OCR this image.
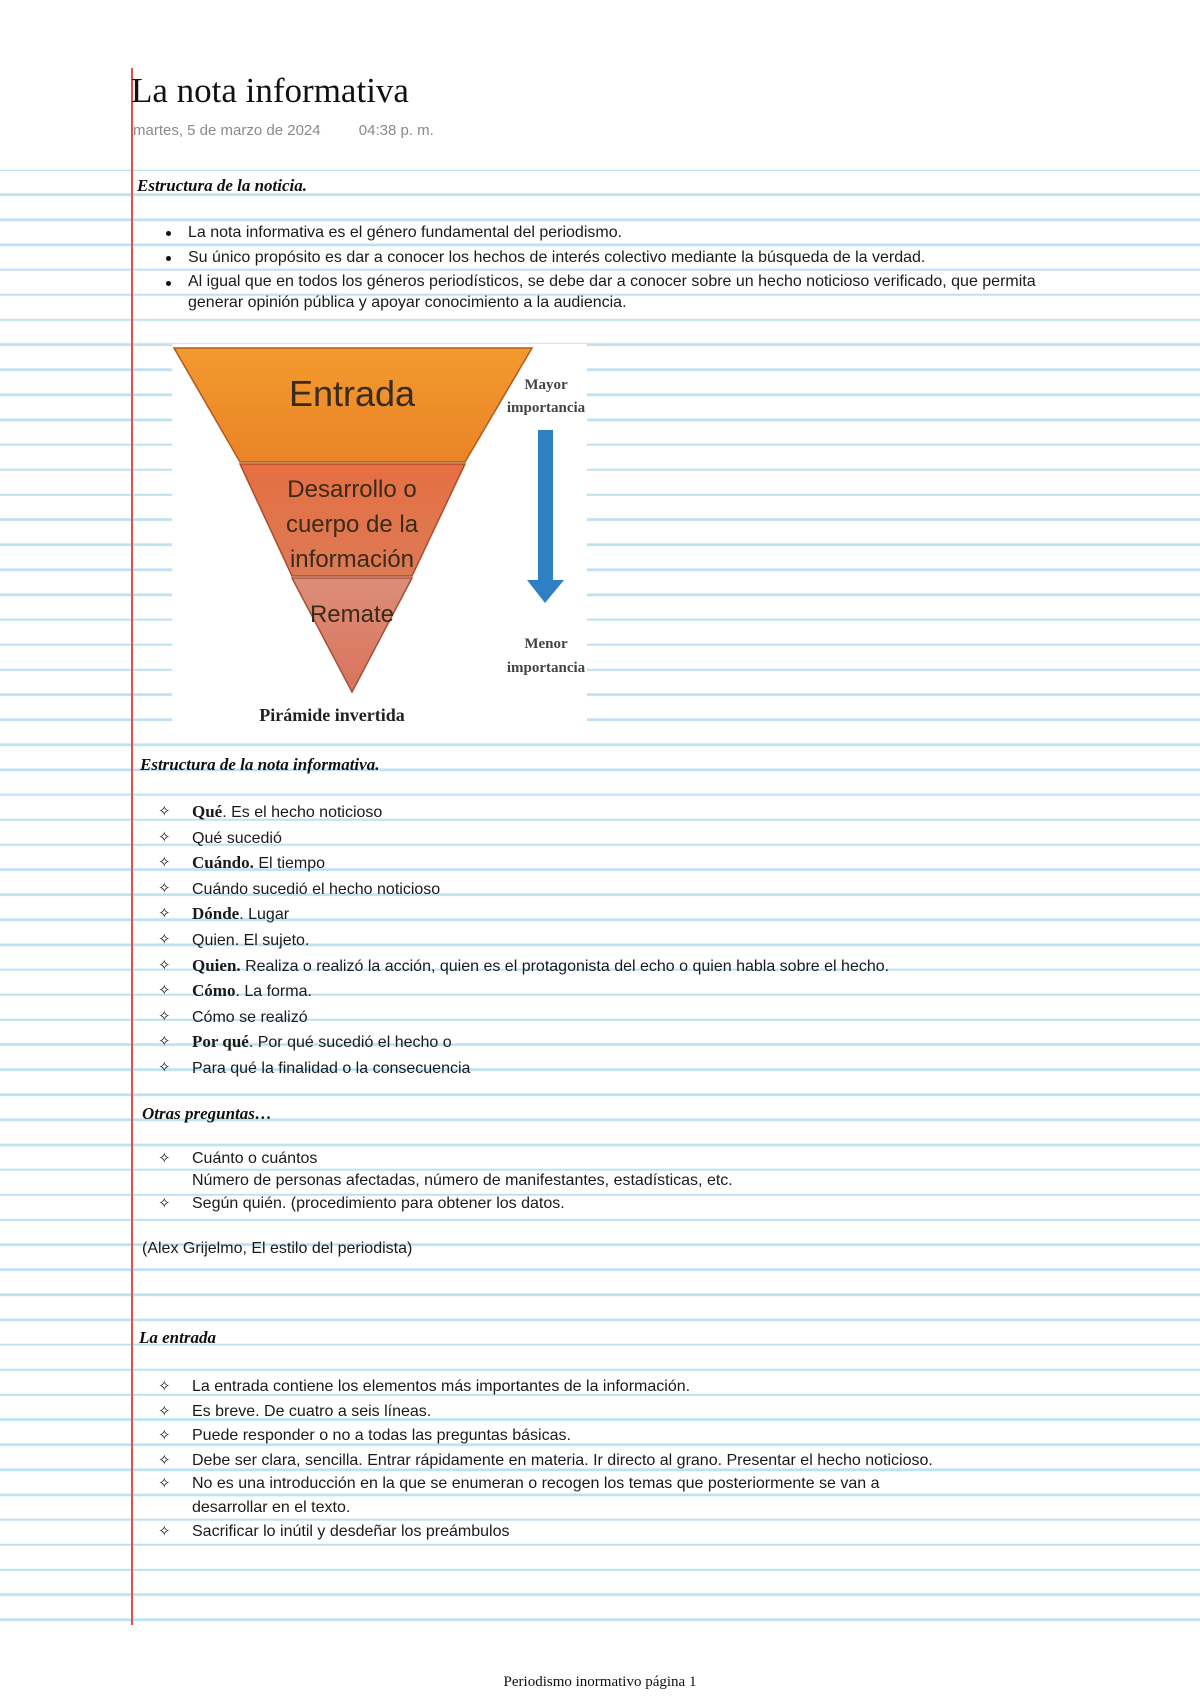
La nota informativa
martes, 5 de marzo de 2024	04:38 p. m.
Estructura de la noticia.
La nota informativa es el género fundamental del periodismo.
Su único propósito es dar a conocer los hechos de interés colectivo mediante la búsqueda de la verdad.
Al igual que en todos los géneros periodísticos, se debe dar a conocer sobre un hecho noticioso verificado, que permita generar opinión pública y apoyar conocimiento a la audiencia.
Entrada
Desarrollo o
cuerpo de la
información
Remate
Pirámide invertida
Mayor
importancia
Menor
importancia
Estructura de la nota informativa.
✧	Qué. Es el hecho noticioso
✧	Qué sucedió
✧	Cuándo. El tiempo
✧	Cuándo sucedió el hecho noticioso
✧	Dónde. Lugar
✧	Quien. El sujeto.
✧	Quien. Realiza o realizó la acción, quien es el protagonista del echo o quien habla sobre el hecho.
✧	Cómo. La forma.
✧	Cómo se realizó
✧	Por qué. Por qué sucedió el hecho o
✧	Para qué la finalidad o la consecuencia
Otras preguntas…
✧	Cuánto o cuántos
Número de personas afectadas, número de manifestantes, estadísticas, etc.
✧	Según quién. (procedimiento para obtener los datos.
(Alex Grijelmo, El estilo del periodista)
La entrada
✧	La entrada contiene los elementos más importantes de la información.
✧	Es breve. De cuatro a seis líneas.
✧	Puede responder o no a todas las preguntas básicas.
✧	Debe ser clara, sencilla. Entrar rápidamente en materia. Ir directo al grano. Presentar el hecho noticioso.
✧	No es una introducción en la que se enumeran o recogen los temas que posteriormente se van a desarrollar en el texto.
✧	Sacrificar lo inútil y desdeñar los preámbulos
Periodismo inormativo página 1
